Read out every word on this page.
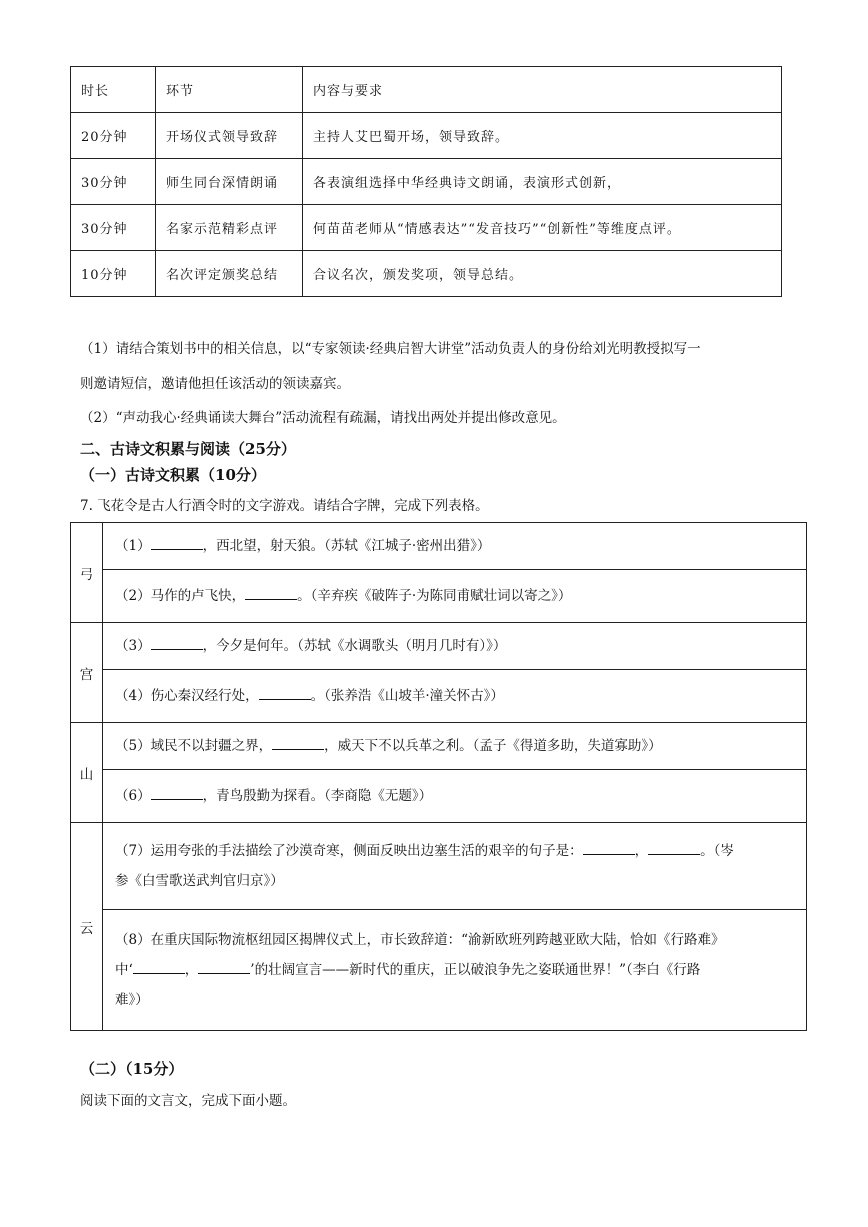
时长	环节	内容与要求
20分钟	开场仪式领导致辞	主持人艾巴蜀开场，领导致辞。
30分钟	师生同台深情朗诵	各表演组选择中华经典诗文朗诵，表演形式创新，
30分钟	名家示范精彩点评	何苗苗老师从“情感表达”“发音技巧”“创新性”等维度点评。
10分钟	名次评定颁奖总结	合议名次，颁发奖项，领导总结。
（1）请结合策划书中的相关信息，以“专家领读·经典启智大讲堂”活动负责人的身份给刘光明教授拟写一
则邀请短信，邀请他担任该活动的领读嘉宾。
（2）“声动我心·经典诵读大舞台”活动流程有疏漏，请找出两处并提出修改意见。
二、古诗文积累与阅读（25分）
（一）古诗文积累（10分）
7. 飞花令是古人行酒令时的文字游戏。请结合字牌，完成下列表格。
弓	（1） ，西北望，射天狼。（苏轼《江城子·密州出猎》）
	（2）马作的卢飞快， 。（辛弃疾《破阵子·为陈同甫赋壮词以寄之》）
宫	（3） ，今夕是何年。（苏轼《水调歌头（明月几时有）》）
	（4）伤心秦汉经行处， 。（张养浩《山坡羊·潼关怀古》）
山	（5）域民不以封疆之界， ，威天下不以兵革之利。（孟子《得道多助，失道寡助》）
	（6） ，青鸟殷勤为探看。（李商隐《无题》）
云	（7）运用夸张的手法描绘了沙漠奇寒，侧面反映出边塞生活的艰辛的句子是： ， 。（岑
参《白雪歌送武判官归京》）

	（8）在重庆国际物流枢纽园区揭牌仪式上，市长致辞道：“渝新欧班列跨越亚欧大陆，恰如《行路难》
中‘ ， ’的壮阔宣言——新时代的重庆，正以破浪争先之姿联通世界！”（李白《行路
难》）
（二）（15分）
阅读下面的文言文，完成下面小题。
